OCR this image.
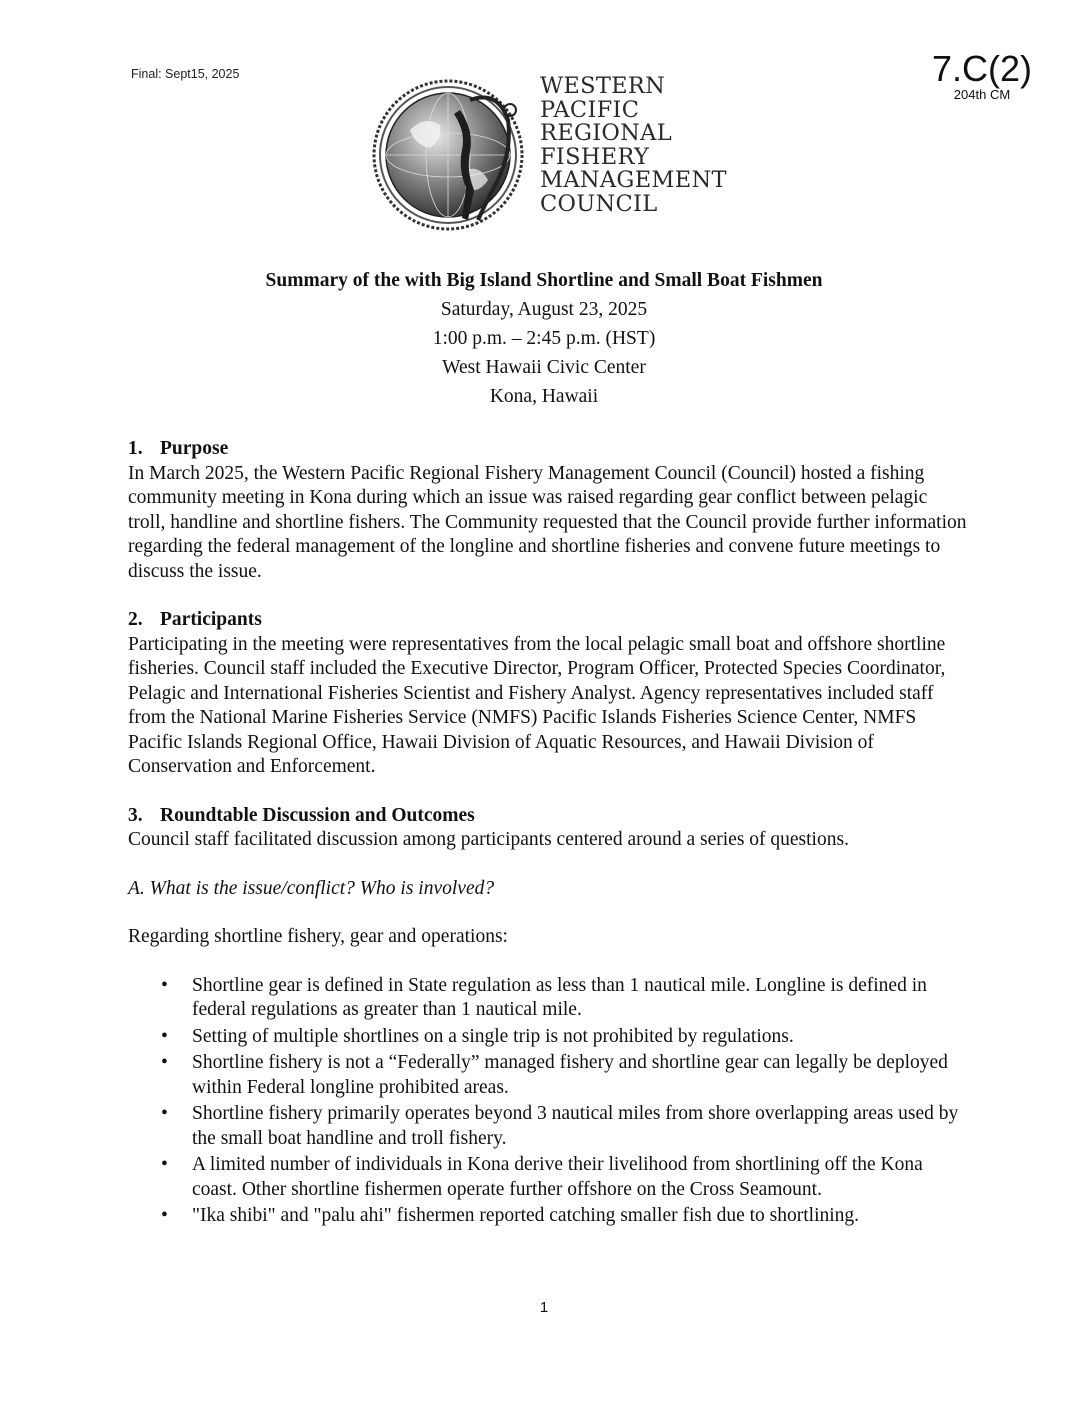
Final: Sept15, 2025	7.C(2)
204th CM
WESTERN
PACIFIC
REGIONAL
FISHERY
MANAGEMENT
COUNCIL
Summary of the with Big Island Shortline and Small Boat Fishmen
Saturday, August 23, 2025
1:00 p.m. – 2:45 p.m. (HST)
West Hawaii Civic Center
Kona, Hawaii
1. Purpose

In March 2025, the Western Pacific Regional Fishery Management Council (Council) hosted a fishing community meeting in Kona during which an issue was raised regarding gear conflict between pelagic troll, handline and shortline fishers. The Community requested that the Council provide further information regarding the federal management of the longline and shortline fisheries and convene future meetings to discuss the issue.

2. Participants

Participating in the meeting were representatives from the local pelagic small boat and offshore shortline fisheries. Council staff included the Executive Director, Program Officer, Protected Species Coordinator, Pelagic and International Fisheries Scientist and Fishery Analyst. Agency representatives included staff from the National Marine Fisheries Service (NMFS) Pacific Islands Fisheries Science Center, NMFS Pacific Islands Regional Office, Hawaii Division of Aquatic Resources, and Hawaii Division of Conservation and Enforcement.

3. Roundtable Discussion and Outcomes

Council staff facilitated discussion among participants centered around a series of questions.

A. What is the issue/conflict? Who is involved?

Regarding shortline fishery, gear and operations:

• Shortline gear is defined in State regulation as less than 1 nautical mile. Longline is defined in federal regulations as greater than 1 nautical mile.
• Setting of multiple shortlines on a single trip is not prohibited by regulations.
• Shortline fishery is not a “Federally” managed fishery and shortline gear can legally be deployed within Federal longline prohibited areas.
• Shortline fishery primarily operates beyond 3 nautical miles from shore overlapping areas used by the small boat handline and troll fishery.
• A limited number of individuals in Kona derive their livelihood from shortlining off the Kona coast. Other shortline fishermen operate further offshore on the Cross Seamount.
• "Ika shibi" and "palu ahi" fishermen reported catching smaller fish due to shortlining.
1
